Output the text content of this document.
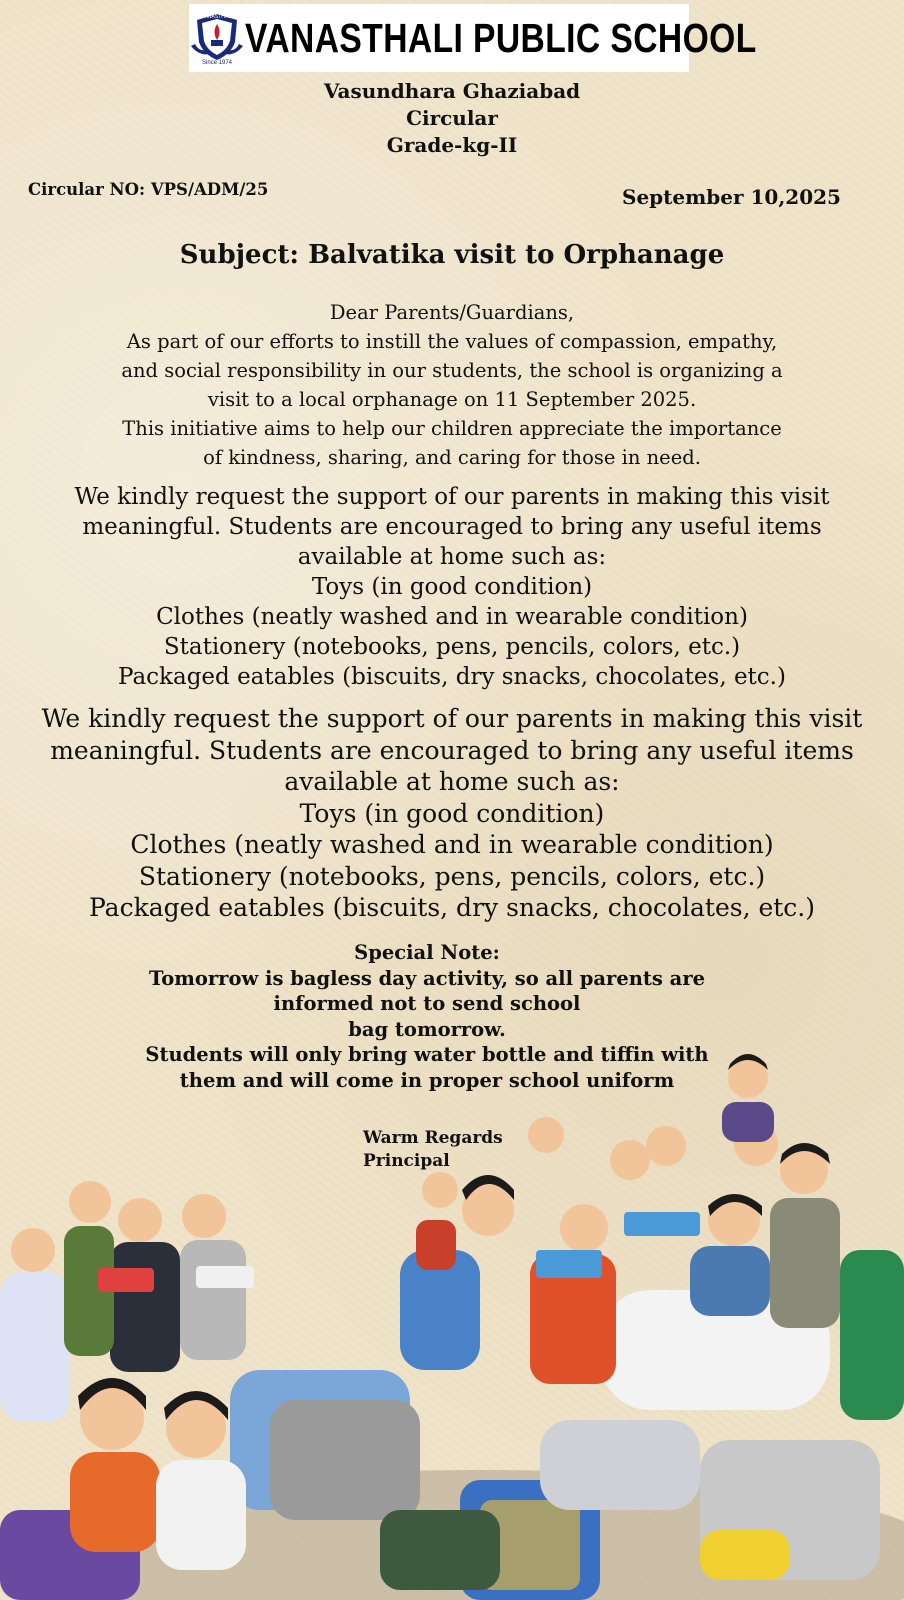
VANASTHALI
Since 1974
VANASTHALI PUBLIC SCHOOL
Vasundhara Ghaziabad
Circular
Grade-kg-II
Circular NO: VPS/ADM/25	September 10,2025
Subject: Balvatika visit to Orphanage
Dear Parents/Guardians,
As part of our efforts to instill the values of compassion, empathy,
and social responsibility in our students, the school is organizing a
visit to a local orphanage on 11 September 2025.
This initiative aims to help our children appreciate the importance
of kindness, sharing, and caring for those in need.
We kindly request the support of our parents in making this visit
meaningful. Students are encouraged to bring any useful items
available at home such as:
Toys (in good condition)
Clothes (neatly washed and in wearable condition)
Stationery (notebooks, pens, pencils, colors, etc.)
Packaged eatables (biscuits, dry snacks, chocolates, etc.)
We kindly request the support of our parents in making this visit
meaningful. Students are encouraged to bring any useful items
available at home such as:
Toys (in good condition)
Clothes (neatly washed and in wearable condition)
Stationery (notebooks, pens, pencils, colors, etc.)
Packaged eatables (biscuits, dry snacks, chocolates, etc.)
Special Note:
Tomorrow is bagless day activity, so all parents are
informed not to send school
bag tomorrow.
Students will only bring water bottle and tiffin with
them and will come in proper school uniform
Warm Regards
Principal
